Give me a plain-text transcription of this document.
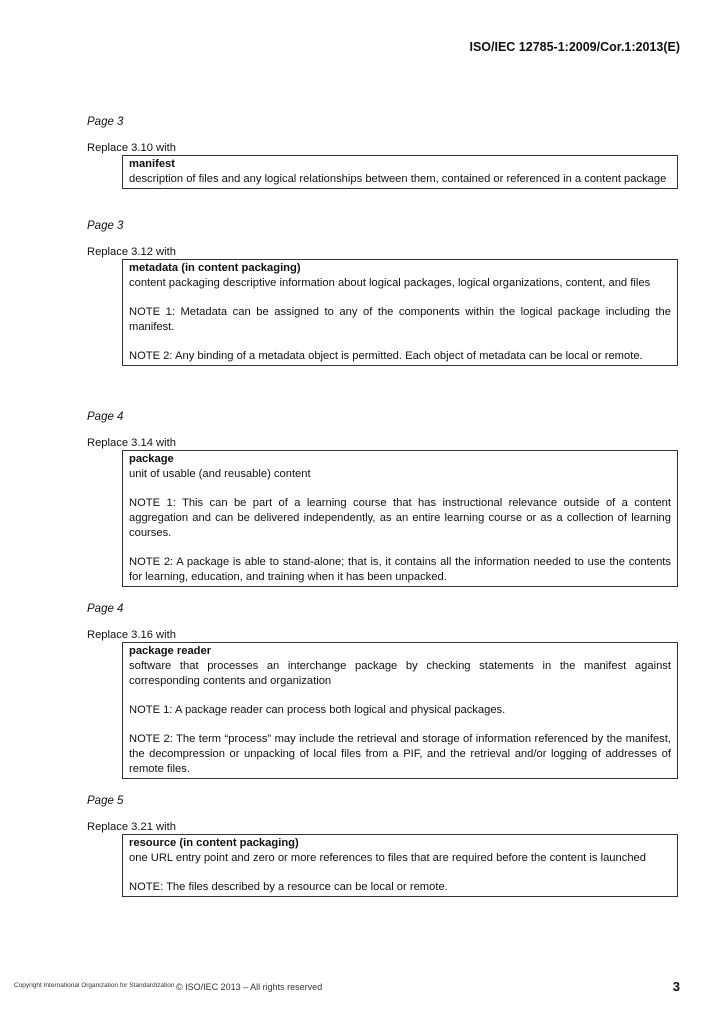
ISO/IEC 12785-1:2009/Cor.1:2013(E)
Page 3
Replace 3.10 with
manifest
description of files and any logical relationships between them, contained or referenced in a content package
Page 3
Replace 3.12 with
metadata (in content packaging)
content packaging descriptive information about logical packages, logical organizations, content, and files
NOTE 1: Metadata can be assigned to any of the components within the logical package including the manifest.
NOTE 2: Any binding of a metadata object is permitted. Each object of metadata can be local or remote.
Page 4
Replace 3.14 with
package
unit of usable (and reusable) content
NOTE 1: This can be part of a learning course that has instructional relevance outside of a content aggregation and can be delivered independently, as an entire learning course or as a collection of learning courses.
NOTE 2: A package is able to stand-alone; that is, it contains all the information needed to use the contents for learning, education, and training when it has been unpacked.
Page 4
Replace 3.16 with
package reader
software that processes an interchange package by checking statements in the manifest against corresponding contents and organization
NOTE 1: A package reader can process both logical and physical packages.
NOTE 2: The term “process” may include the retrieval and storage of information referenced by the manifest, the decompression or unpacking of local files from a PIF, and the retrieval and/or logging of addresses of remote files.
Page 5
Replace 3.21 with
resource (in content packaging)
one URL entry point and zero or more references to files that are required before the content is launched
NOTE: The files described by a resource can be local or remote.
Copyright International Organization for Standardization © ISO/IEC 2013 – All rights reserved	3
